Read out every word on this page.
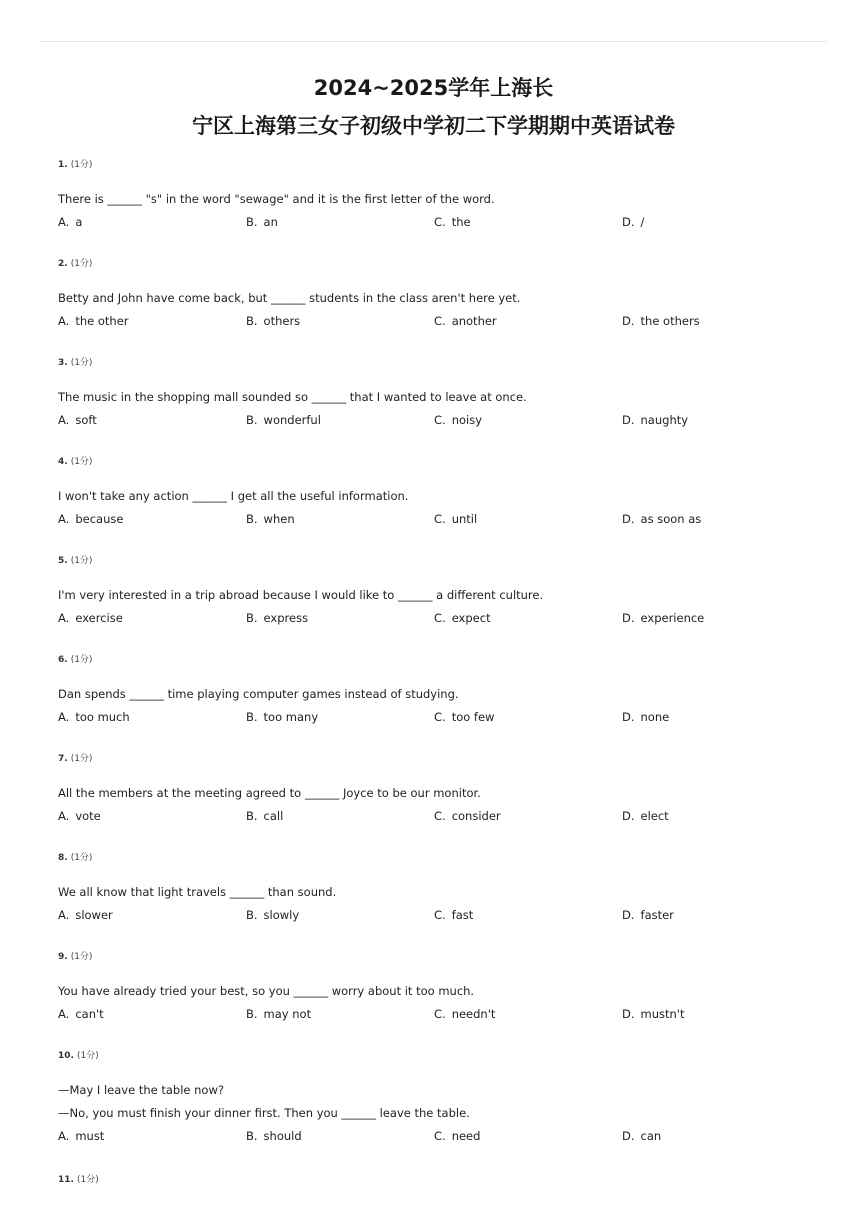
2024~2025学年上海长
宁区上海第三女子初级中学初二下学期期中英语试卷
1. (1分)
There is ______ "s" in the word "sewage" and it is the first letter of the word.
A. a	B. an	C. the	D. /
2. (1分)
Betty and John have come back, but ______ students in the class aren't here yet.
A. the other	B. others	C. another	D. the others
3. (1分)
The music in the shopping mall sounded so ______ that I wanted to leave at once.
A. soft	B. wonderful	C. noisy	D. naughty
4. (1分)
I won't take any action ______ I get all the useful information.
A. because	B. when	C. until	D. as soon as
5. (1分)
I'm very interested in a trip abroad because I would like to ______ a different culture.
A. exercise	B. express	C. expect	D. experience
6. (1分)
Dan spends ______ time playing computer games instead of studying.
A. too much	B. too many	C. too few	D. none
7. (1分)
All the members at the meeting agreed to ______ Joyce to be our monitor.
A. vote	B. call	C. consider	D. elect
8. (1分)
We all know that light travels ______ than sound.
A. slower	B. slowly	C. fast	D. faster
9. (1分)
You have already tried your best, so you ______ worry about it too much.
A. can't	B. may not	C. needn't	D. mustn't
10. (1分)
—May I leave the table now?
—No, you must finish your dinner first. Then you ______ leave the table.
A. must	B. should	C. need	D. can
11. (1分)
